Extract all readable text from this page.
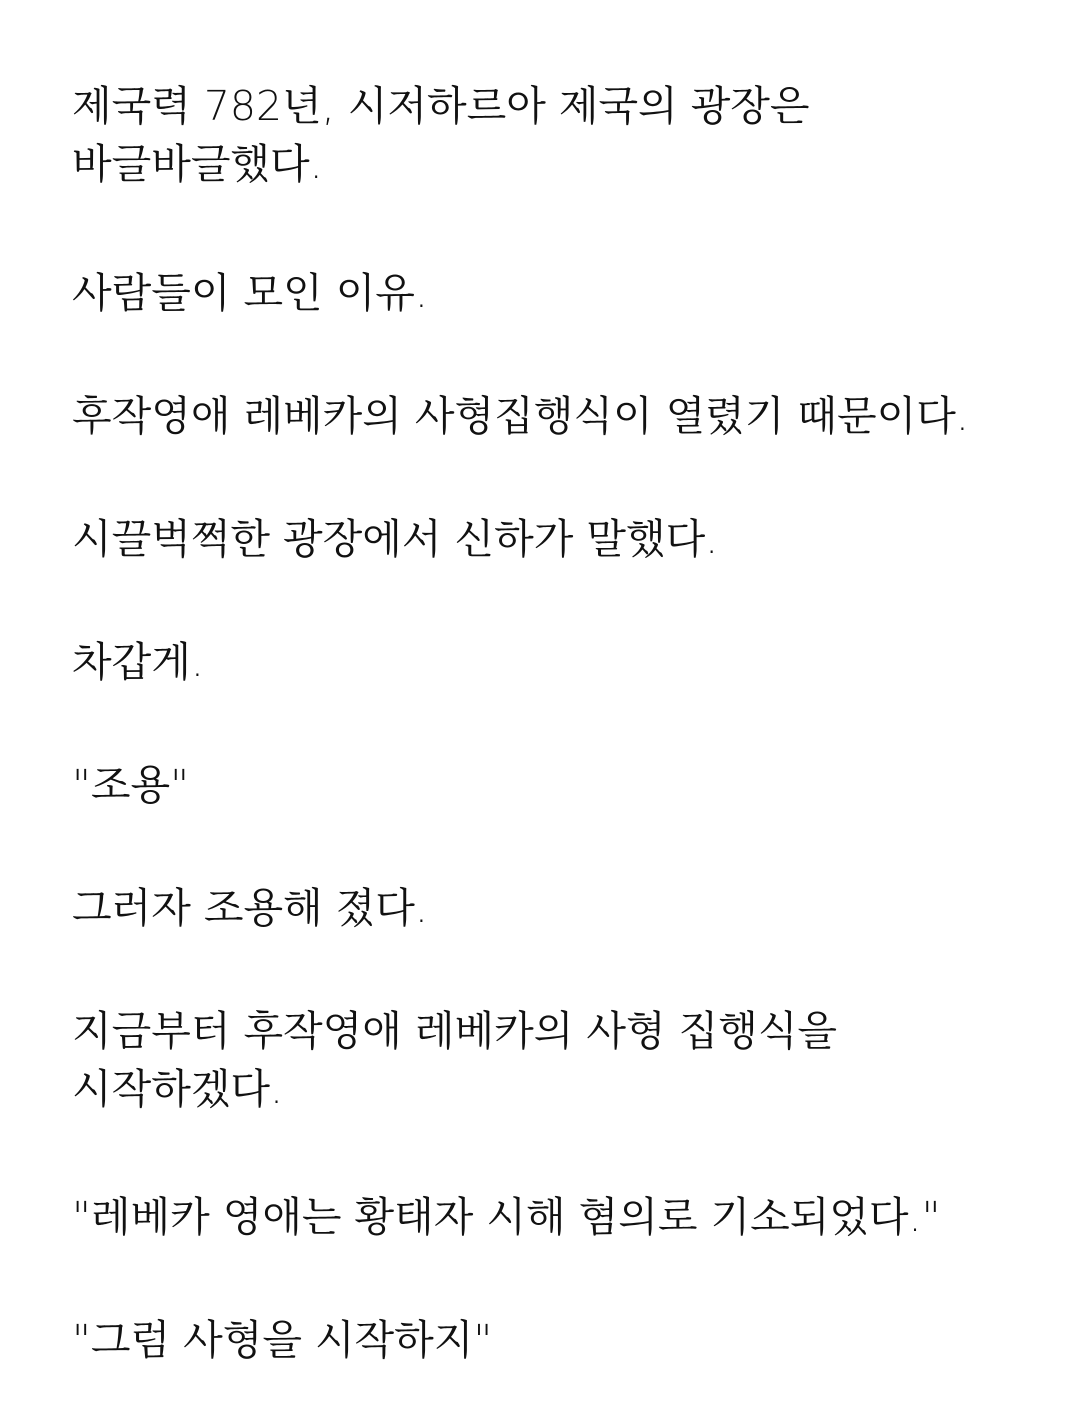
제국력 782년, 시저하르아 제국의 광장은 바글바글했다.

사람들이 모인 이유.

후작영애 레베카의 사형집행식이 열렸기 때문이다.

시끌벅쩍한 광장에서 신하가 말했다.

차갑게.

"조용"

그러자 조용해 졌다.

지금부터 후작영애 레베카의 사형 집행식을 시작하겠다.

"레베카 영애는 황태자 시해 혐의로 기소되었다."

"그럼 사형을 시작하지"
